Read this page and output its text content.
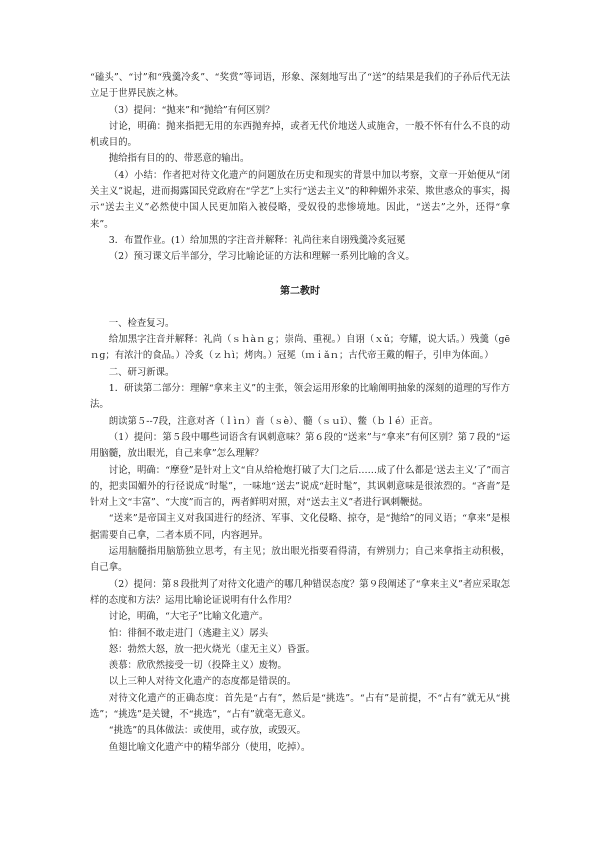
“磕头”、“讨”和“残羹冷炙”、“奖赏”等词语，形象、深刻地写出了“送”的结果是我们的子孙后代无法立足于世界民族之林。

（3）提问：“抛来”和“抛给”有何区别？

讨论，明确：抛来指把无用的东西抛弃掉，或者无代价地送人或施舍，一般不怀有什么不良的动机或目的。

抛给指有目的的、带恶意的输出。

（4）小结：作者把对待文化遗产的问题放在历史和现实的背景中加以考察，文章一开始便从“闭关主义”说起，进而揭露国民党政府在“学艺”上实行“送去主义”的种种媚外求荣、欺世惑众的事实，揭示“送去主义”必然使中国人民更加陷入被侵略，受奴役的悲惨境地。因此，“送去”之外，还得“拿来”。

3．布置作业。(1）给加黑的字注音并解释：礼尚往来自诩残羹冷炙冠冕

（2）预习课文后半部分，学习比喻论证的方法和理解一系列比喻的含义。

第二教时

一、检查复习。

给加黑字注音并解释：礼尚（ｓｈàｎｇ；崇尚、重视。）自诩（ｘǔ；夸耀，说大话。）残羹（ɡēｎɡ；有浓汁的食品。）冷炙（ｚｈì；烤肉。）冠冕（ｍｉǎｎ；古代帝王戴的帽子，引申为体面。）

二、研习新课。

1．研读第二部分：理解“拿来主义”的主张，领会运用形象的比喻阐明抽象的深刻的道理的写作方法。

朗读第５--7段，注意对吝（ｌìｎ）啬（ｓè）、髓（ｓｕǐ）、鳖（ｂｌé）正音。

（1）提问：第５段中哪些词语含有讽刺意味？第６段的“送来”与“拿来”有何区别？第７段的“运用脑髓，放出眼光，自己来拿”怎么理解？

讨论，明确：“摩登”是针对上文“自从给枪炮打破了大门之后……成了什么都是‘送去主义’了”而言的，把卖国媚外的行径说成“时髦”，一味地“送去”说成“赶时髦”，其讽刺意味是很浓烈的。“吝啬”是针对上文“丰富”、“大度”而言的，两者鲜明对照，对“送去主义”者进行讽刺鞭挞。

“送来”是帝国主义对我国进行的经济、军事、文化侵略、掠夺，是“抛给”的同义语；“拿来”是根据需要自己拿，二者本质不同，内容迥异。

运用脑髓指用脑筋独立思考，有主见；放出眼光指要看得清，有辨别力；自己来拿指主动积极，自己拿。

（2）提问：第８段批判了对待文化遗产的哪几种错误态度？第９段阐述了“拿来主义”者应采取怎样的态度和方法？运用比喻论证说明有什么作用？

讨论，明确，“大宅子”比喻文化遗产。

怕：徘徊不敢走进门（逃避主义）孱头

怒：勃然大怒，放一把火烧光（虚无主义）昏蛋。

羡慕：欣欣然接受一切（投降主义）废物。

以上三种人对待文化遗产的态度都是错误的。

对待文化遗产的正确态度：首先是“占有”，然后是“挑选”。“占有”是前提，不“占有”就无从“挑选”；“挑选”是关键，不“挑选”，“占有”就毫无意义。

“挑选”的具体做法：或使用，或存放，或毁灭。

鱼翅比喻文化遗产中的精华部分（使用，吃掉）。
